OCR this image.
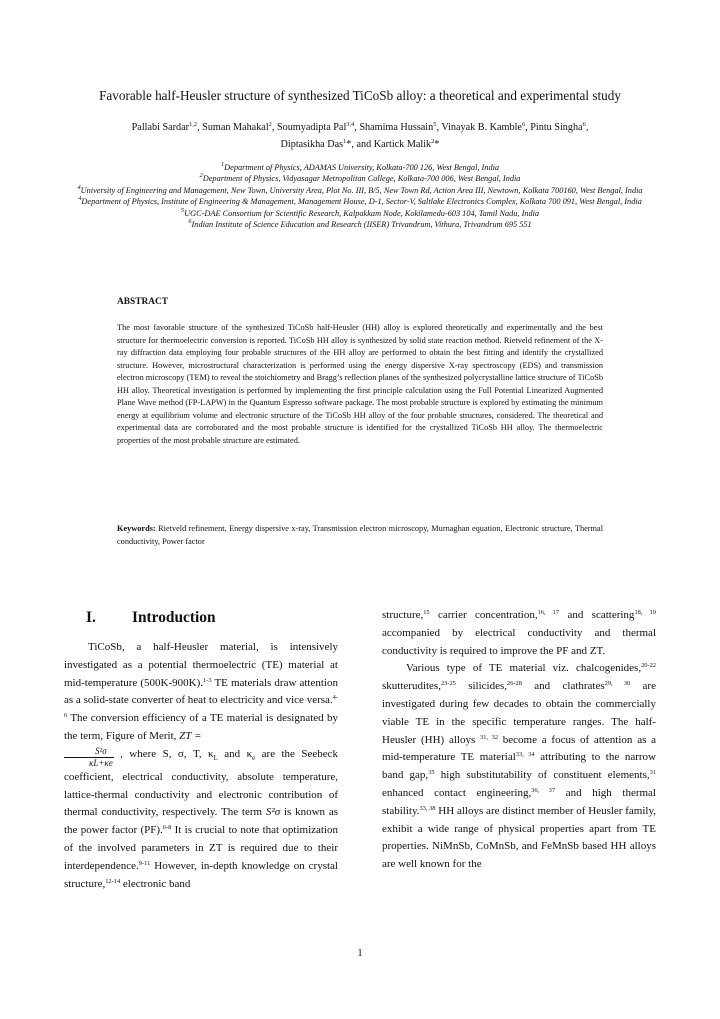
Favorable half-Heusler structure of synthesized TiCoSb alloy: a theoretical and experimental study
Pallabi Sardar$^{1,2}$, Suman Mahakal$^2$, Soumyadipta Pal$^{3,4}$, Shamima Hussain$^5$, Vinayak B. Kamble$^6$, Pintu Singha$^6$,
Diptasikha Das$^1$*, and Kartick Malik$^2$*
$^1$Department of Physics, ADAMAS University, Kolkata-700 126, West Bengal, India
$^2$Department of Physics, Vidyasagar Metropolitan College, Kolkata-700 006, West Bengal, India
$^4$University of Engineering and Management, New Town, University Area, Plot No. III, B/5, New Town Rd, Action Area III, Newtown, Kolkata 700160, West Bengal, India
$^4$Department of Physics, Institute of Engineering & Management, Management House, D-1, Sector-V, Saltlake Electronics Complex, Kolkata 700 091, West Bengal, India
$^5$UGC-DAE Consortium for Scientific Research, Kalpakkam Node, Kokilamedu-603 104, Tamil Nadu, India
$^6$Indian Institute of Science Education and Research (IISER) Trivandrum, Vithura, Trivandrum 695 551
ABSTRACT
The most favorable structure of the synthesized TiCoSb half-Heusler (HH) alloy is explored theoretically and experimentally and the best structure for thermoelectric conversion is reported. TiCoSb HH alloy is synthesized by solid state reaction method. Rietveld refinement of the X-ray diffraction data employing four probable structures of the HH alloy are performed to obtain the best fitting and identify the crystallized structure. However, microstructural characterization is performed using the energy dispersive X-ray spectroscopy (EDS) and transmission electron microscopy (TEM) to reveal the stoichiometry and Bragg’s reflection planes of the synthesized polycrystalline lattice structure of TiCoSb HH alloy. Theoretical investigation is performed by implementing the first principle calculation using the Full Potential Linearized Augmented Plane Wave method (FP-LAPW) in the Quantum Espresso software package. The most probable structure is explored by estimating the minimum energy at equilibrium volume and electronic structure of the TiCoSb HH alloy of the four probable structures, considered. The theoretical and experimental data are corroborated and the most probable structure is identified for the crystallized TiCoSb HH alloy. The thermoelectric properties of the most probable structure are estimated.
Keywords: Rietveld refinement, Energy dispersive x-ray, Transmission electron microscopy, Murnaghan equation, Electronic structure, Thermal conductivity, Power factor
I. Introduction

TiCoSb, a half-Heusler material, is intensively investigated as a potential thermoelectric (TE) material at mid-temperature (500K-900K).$^{1-3}$ TE materials draw attention as a solid-state converter of heat to electricity and vice versa.$^{4-6}$ The conversion efficiency of a TE material is designated by the term, Figure of Merit, ZT =

$\frac{\text{S²σ}}{\kappa L+\kappa e}$ , where S, σ, T, $\kappa_L$ and $\kappa_e$ are the Seebeck coefficient, electrical conductivity, absolute temperature, lattice-thermal conductivity and electronic contribution of thermal conductivity, respectively. The term S²σ is known as the power factor (PF).$^{6-8}$ It is crucial to note that optimization of the involved parameters in ZT is required due to their interdependence.$^{9-11}$ However, in-depth knowledge on crystal structure,$^{12-14}$ electronic band

structure,$^{15}$ carrier concentration,$^{16, 17}$ and scattering$^{18, 19}$ accompanied by electrical conductivity and thermal conductivity is required to improve the PF and ZT.

Various type of TE material viz. chalcogenides,$^{20-22}$ skutterudites,$^{23-25}$ silicides,$^{26-28}$ and clathrates$^{29, 30}$ are investigated during few decades to obtain the commercially viable TE in the specific temperature ranges. The half-Heusler (HH) alloys $^{31, 32}$ become a focus of attention as a mid-temperature TE material$^{33, 34}$ attributing to the narrow band gap,$^{35}$ high substitutability of constituent elements,$^{31}$ enhanced contact engineering,$^{36, 37}$ and high thermal stability.$^{33, 38}$ HH alloys are distinct member of Heusler family, exhibit a wide range of physical properties apart from TE properties. NiMnSb, CoMnSb, and FeMnSb based HH alloys are well known for the

1
